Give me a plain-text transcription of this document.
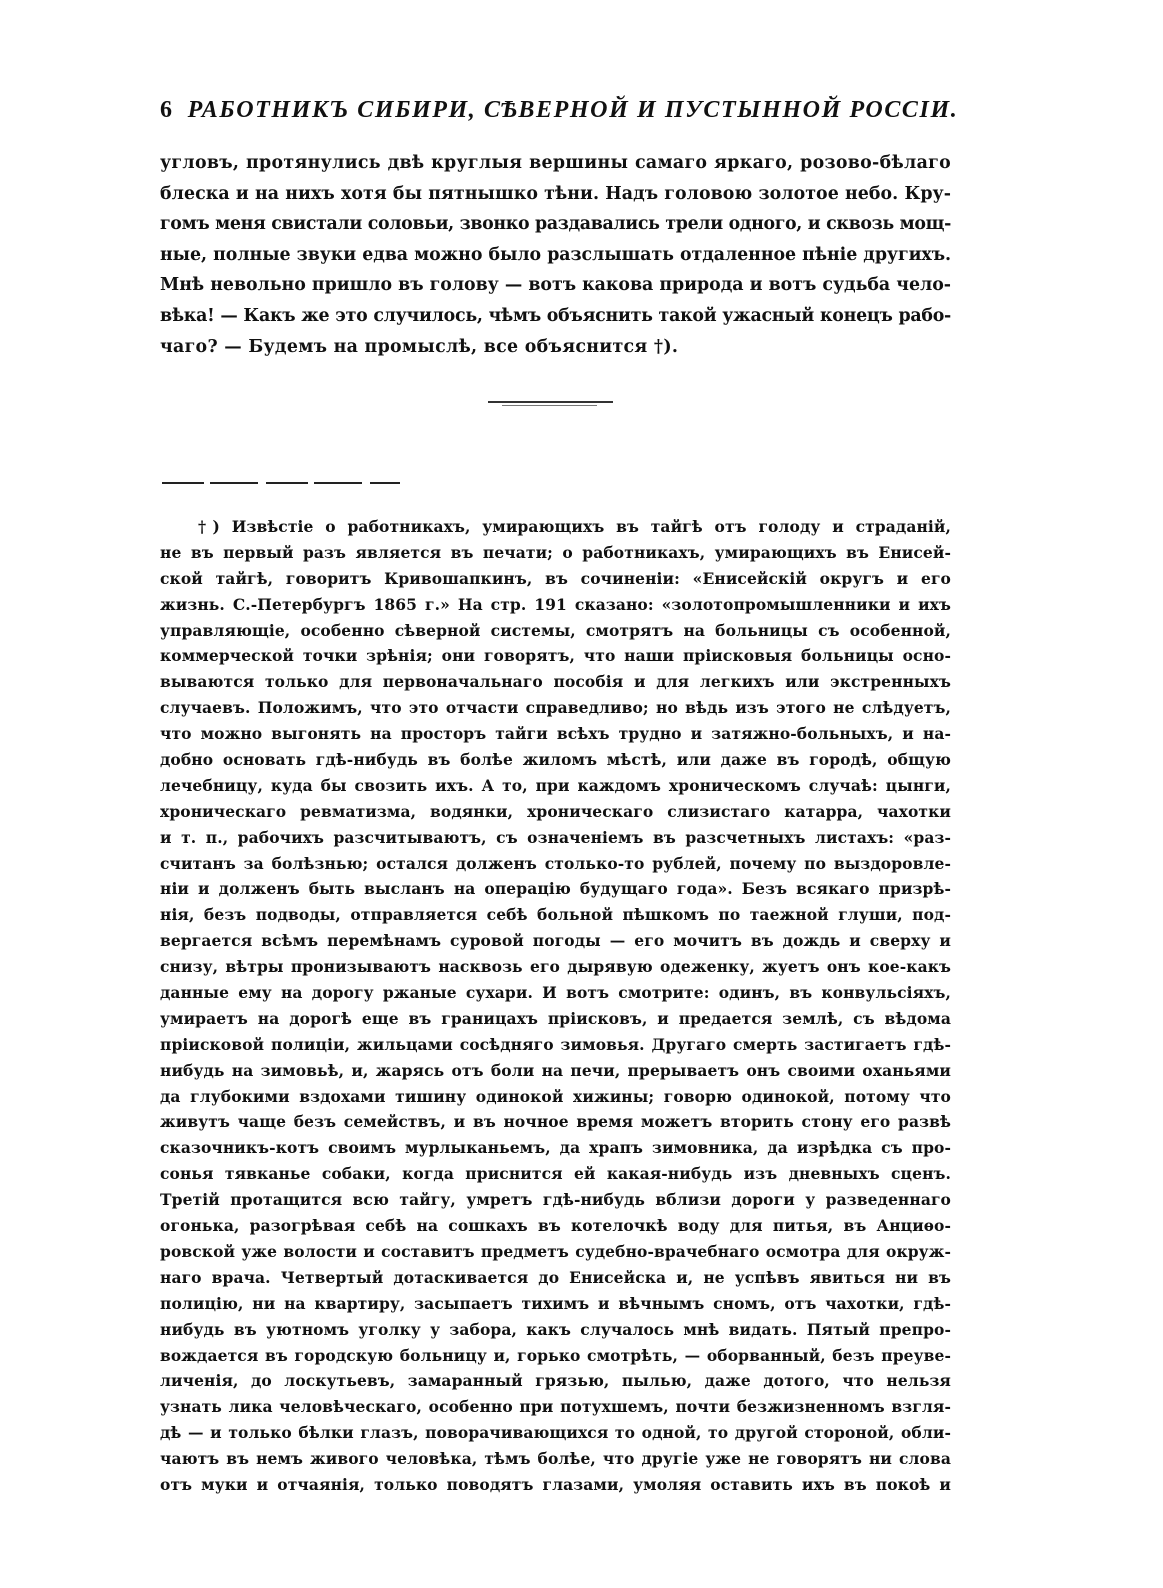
6 РАБОТНИКЪ СИБИРИ, СѢВЕРНОЙ И ПУСТЫННОЙ РОССІИ.
угловъ, протянулись двѣ круглыя вершины самаго яркаго, розово-бѣлаго
блеска и на нихъ хотя бы пятнышко тѣни. Надъ головою золотое небо. Кру-
гомъ меня свистали соловьи, звонко раздавались трели одного, и сквозь мощ-
ные, полные звуки едва можно было разслышать отдаленное пѣніе другихъ.
Мнѣ невольно пришло въ голову — вотъ какова природа и вотъ судьба чело-
вѣка! — Какъ же это случилось, чѣмъ объяснить такой ужасный конецъ рабо-
чаго? — Будемъ на промыслѣ, все объяснится †).
†) Извѣстіе о работникахъ, умирающихъ въ тайгѣ отъ голоду и страданій,
не въ первый разъ является въ печати; о работникахъ, умирающихъ въ Енисей-
ской тайгѣ, говоритъ Кривошапкинъ, въ сочиненіи: «Енисейскій округъ и его
жизнь. С.-Петербургъ 1865 г.» На стр. 191 сказано: «золотопромышленники и ихъ
управляющіе, особенно сѣверной системы, смотрятъ на больницы съ особенной,
коммерческой точки зрѣнія; они говорятъ, что наши пріисковыя больницы осно-
вываются только для первоначальнаго пособія и для легкихъ или экстренныхъ
случаевъ. Положимъ, что это отчасти справедливо; но вѣдь изъ этого не слѣдуетъ,
что можно выгонять на просторъ тайги всѣхъ трудно и затяжно-больныхъ, и на-
добно основать гдѣ-нибудь въ болѣе жиломъ мѣстѣ, или даже въ городѣ, общую
лечебницу, куда бы свозить ихъ. А то, при каждомъ хроническомъ случаѣ: цынги,
хроническаго ревматизма, водянки, хроническаго слизистаго катарра, чахотки
и т. п., рабочихъ разсчитываютъ, съ означеніемъ въ разсчетныхъ листахъ: «раз-
считанъ за болѣзнью; остался долженъ столько-то рублей, почему по выздоровле-
ніи и долженъ быть высланъ на операцію будущаго года». Безъ всякаго призрѣ-
нія, безъ подводы, отправляется себѣ больной пѣшкомъ по таежной глуши, под-
вергается всѣмъ перемѣнамъ суровой погоды — его мочитъ въ дождь и сверху и
снизу, вѣтры пронизываютъ насквозь его дырявую одеженку, жуетъ онъ кое-какъ
данные ему на дорогу ржаные сухари. И вотъ смотрите: одинъ, въ конвульсіяхъ,
умираетъ на дорогѣ еще въ границахъ пріисковъ, и предается землѣ, съ вѣдома
пріисковой полиціи, жильцами сосѣдняго зимовья. Другаго смерть застигаетъ гдѣ-
нибудь на зимовьѣ, и, жарясь отъ боли на печи, прерываетъ онъ своими оханьями
да глубокими вздохами тишину одинокой хижины; говорю одинокой, потому что
живутъ чаще безъ семействъ, и въ ночное время можетъ вторить стону его развѣ
сказочникъ-котъ своимъ мурлыканьемъ, да храпъ зимовника, да изрѣдка съ про-
сонья тявканье собаки, когда приснится ей какая-нибудь изъ дневныхъ сценъ.
Третій протащится всю тайгу, умретъ гдѣ-нибудь вблизи дороги у разведеннаго
огонька, разогрѣвая себѣ на сошкахъ въ котелочкѣ воду для питья, въ Анциѳо-
ровской уже волости и составитъ предметъ судебно-врачебнаго осмотра для окруж-
наго врача. Четвертый дотаскивается до Енисейска и, не успѣвъ явиться ни въ
полицію, ни на квартиру, засыпаетъ тихимъ и вѣчнымъ сномъ, отъ чахотки, гдѣ-
нибудь въ уютномъ уголку у забора, какъ случалось мнѣ видать. Пятый препро-
вождается въ городскую больницу и, горько смотрѣть, — оборванный, безъ преуве-
личенія, до лоскутьевъ, замаранный грязью, пылью, даже дотого, что нельзя
узнать лика человѣческаго, особенно при потухшемъ, почти безжизненномъ взгля-
дѣ — и только бѣлки глазъ, поворачивающихся то одной, то другой стороной, обли-
чаютъ въ немъ живого человѣка, тѣмъ болѣе, что другіе уже не говорятъ ни слова
отъ муки и отчаянія, только поводятъ глазами, умоляя оставить ихъ въ покоѣ и
